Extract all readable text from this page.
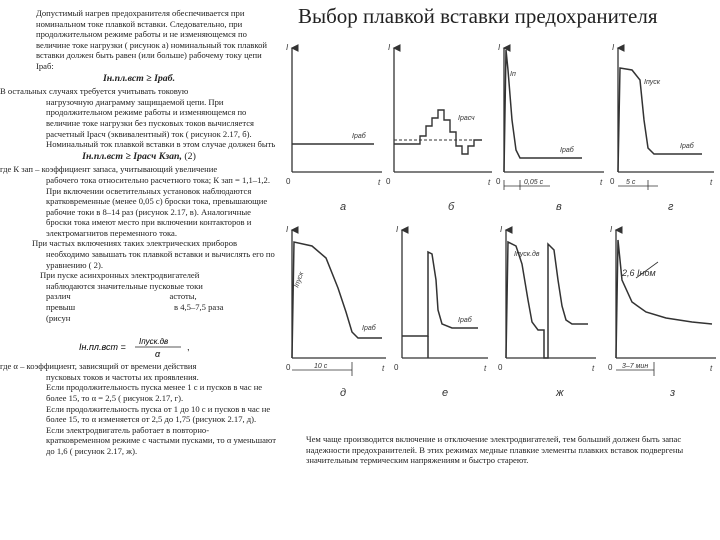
Выбор плавкой вставки предохранителя

Допустимый нагрев предохранителя обеспечивается при номинальном токе плавкой вставки. Следовательно, при продолжительном режиме работы и не изменяющемся по величине токе нагрузки ( рисунок а) номинальный ток плавкой вставки должен быть равен (или больше) рабочему току цепи Iраб:

Iн.пл.вст ≥ Iраб.

В остальных случаях требуется учитывать токовую

нагрузочную диаграмму защищаемой цепи. При продолжительном режиме работы и изменяющемся по величине токе нагрузки без пусковых токов вычисляется расчетный Iрасч (эквивалентный) ток ( рисунок 2.17, б). Номинальный ток плавкой вставки в этом случае должен быть

Iн.пл.вст ≥ Iрасч Кзап, (2)

где К зап – коэффициент запаса, учитывающий увеличение

рабочего тока относительно расчетного тока; К зап = 1,1–1,2.

При включении осветительных установок наблюдаются кратковременные (менее 0,05 с) броски тока, превышающие рабочие токи в 8–14 раз (рисунок 2.17, в). Аналогичные броски тока имеют место при включении контакторов и электромагнитов переменного тока.

При частых включениях таких электрических приборов

необходимо завышать ток плавкой вставки и вычислять его по уравнению ( 2).

При пуске асинхронных электродвигателей

наблюдаются значительные пусковые токи

различ                                              астоты,

превыш                                              в 4,5–7,5 раза

(рисун

где α – коэффициент, зависящий от времени действия

пусковых токов и частоты их проявления.

Если продолжительность пуска менее 1 с и пусков в час не более 15, то α = 2,5 ( рисунок 2.17, г).

Если продолжительность пуска от 1 до 10 с и пусков в час не более 15, то α изменяется от 2,5 до 1,75 (рисунок 2.17, д).

Если электродвигатель работает в повторно-

кратковременном режиме с частыми пусками, то α уменьшают до 1,6 ( рисунок 2.17, ж).

Iн.пл.вст =
Iпуск.дв
α
,
Iраб
I
t
0
а
Iрасч
I
t
0
б
0,05 с
Iп
Iраб
I
t
0
в
5 с
Iпуск
Iраб
I
t
0
г
10 с
Iпуск
Iраб
I
t
0
д
Iраб
I
t
0
е
Iпуск.дв
I
t
0
ж
3–7 мин
2,6 Iном
I
t
0
з
Чем чаще производится включение и отключение электродвигателей, тем больший должен быть запас надежности предохранителей. В этих режимах медные плавкие элементы плавких вставок подвергены значительным термическим напряжениям и быстро стареют.
